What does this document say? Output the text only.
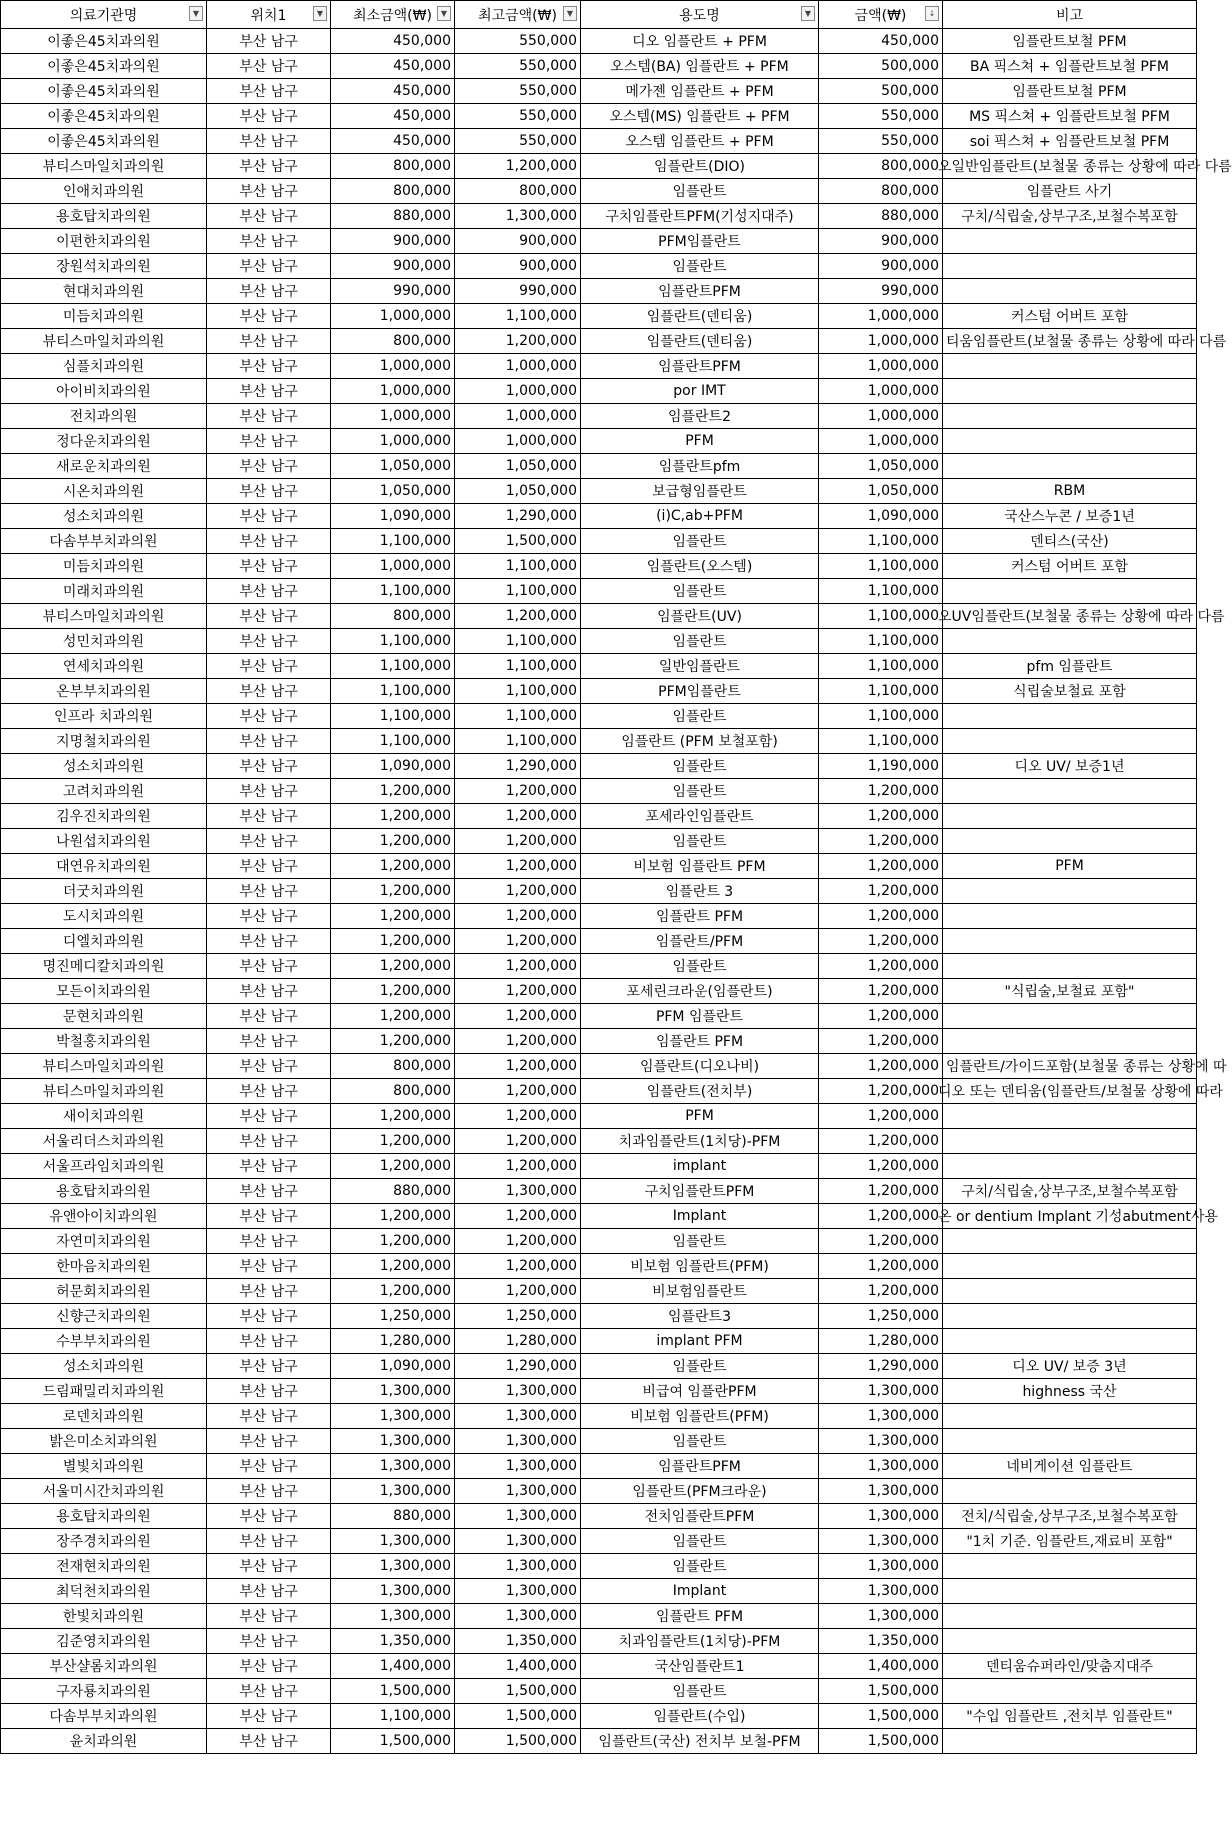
의료기관명 ▼	위치1 ▼	최소금액(₩) ▼	최고금액(₩) ▼	용도명 ▼	금액(₩) ↓	비고
이좋은45치과의원	부산 남구	450,000	550,000	디오 임플란트 + PFM	450,000	임플란트보철 PFM
이좋은45치과의원	부산 남구	450,000	550,000	오스템(BA) 임플란트 + PFM	500,000	BA 픽스쳐 + 임플란트보철 PFM
이좋은45치과의원	부산 남구	450,000	550,000	메가젠 임플란트 + PFM	500,000	임플란트보철 PFM
이좋은45치과의원	부산 남구	450,000	550,000	오스템(MS) 임플란트 + PFM	550,000	MS 픽스쳐 + 임플란트보철 PFM
이좋은45치과의원	부산 남구	450,000	550,000	오스템 임플란트 + PFM	550,000	soi 픽스쳐 + 임플란트보철 PFM
뷰티스마일치과의원	부산 남구	800,000	1,200,000	임플란트(DIO)	800,000	오일반임플란트(보철물 종류는 상황에 따라 다름
인애치과의원	부산 남구	800,000	800,000	임플란트	800,000	임플란트 사기
용호탑치과의원	부산 남구	880,000	1,300,000	구치임플란트PFM(기성지대주)	880,000	구치/식립술,상부구조,보철수복포함
이편한치과의원	부산 남구	900,000	900,000	PFM임플란트	900,000	
장원석치과의원	부산 남구	900,000	900,000	임플란트	900,000	
현대치과의원	부산 남구	990,000	990,000	임플란트PFM	990,000	
미듬치과의원	부산 남구	1,000,000	1,100,000	임플란트(덴티움)	1,000,000	커스텀 어버트 포함
뷰티스마일치과의원	부산 남구	800,000	1,200,000	임플란트(덴티움)	1,000,000	티움임플란트(보철물 종류는 상황에 따라 다름
심플치과의원	부산 남구	1,000,000	1,000,000	임플란트PFM	1,000,000	
아이비치과의원	부산 남구	1,000,000	1,000,000	por IMT	1,000,000	
전치과의원	부산 남구	1,000,000	1,000,000	임플란트2	1,000,000	
정다운치과의원	부산 남구	1,000,000	1,000,000	PFM	1,000,000	
새로운치과의원	부산 남구	1,050,000	1,050,000	임플란트pfm	1,050,000	
시온치과의원	부산 남구	1,050,000	1,050,000	보급형임플란트	1,050,000	RBM
성소치과의원	부산 남구	1,090,000	1,290,000	(i)C,ab+PFM	1,090,000	국산스누콘 / 보증1년
다솜부부치과의원	부산 남구	1,100,000	1,500,000	임플란트	1,100,000	덴티스(국산)
미듬치과의원	부산 남구	1,000,000	1,100,000	임플란트(오스템)	1,100,000	커스텀 어버트 포함
미래치과의원	부산 남구	1,100,000	1,100,000	임플란트	1,100,000	
뷰티스마일치과의원	부산 남구	800,000	1,200,000	임플란트(UV)	1,100,000	오UV임플란트(보철물 종류는 상황에 따라 다름
성민치과의원	부산 남구	1,100,000	1,100,000	임플란트	1,100,000	
연세치과의원	부산 남구	1,100,000	1,100,000	일반임플란트	1,100,000	pfm 임플란트
온부부치과의원	부산 남구	1,100,000	1,100,000	PFM임플란트	1,100,000	식립술보철료 포함
인프라 치과의원	부산 남구	1,100,000	1,100,000	임플란트	1,100,000	
지명철치과의원	부산 남구	1,100,000	1,100,000	임플란트 (PFM 보철포함)	1,100,000	
성소치과의원	부산 남구	1,090,000	1,290,000	임플란트	1,190,000	디오 UV/ 보증1년
고려치과의원	부산 남구	1,200,000	1,200,000	임플란트	1,200,000	
김우진치과의원	부산 남구	1,200,000	1,200,000	포세라인임플란트	1,200,000	
나원섭치과의원	부산 남구	1,200,000	1,200,000	임플란트	1,200,000	
대연유치과의원	부산 남구	1,200,000	1,200,000	비보험 임플란트 PFM	1,200,000	PFM
더굿치과의원	부산 남구	1,200,000	1,200,000	임플란트 3	1,200,000	
도시치과의원	부산 남구	1,200,000	1,200,000	임플란트 PFM	1,200,000	
디엘치과의원	부산 남구	1,200,000	1,200,000	임플란트/PFM	1,200,000	
명진메디칼치과의원	부산 남구	1,200,000	1,200,000	임플란트	1,200,000	
모든이치과의원	부산 남구	1,200,000	1,200,000	포세린크라운(임플란트)	1,200,000	"식립술,보철료 포함"
문현치과의원	부산 남구	1,200,000	1,200,000	PFM 임플란트	1,200,000	
박철홍치과의원	부산 남구	1,200,000	1,200,000	임플란트 PFM	1,200,000	
뷰티스마일치과의원	부산 남구	800,000	1,200,000	임플란트(디오나비)	1,200,000	임플란트/가이드포함(보철물 종류는 상황에 따
뷰티스마일치과의원	부산 남구	800,000	1,200,000	임플란트(전치부)	1,200,000	디오 또는 덴티움(임플란트/보철물 상황에 따라
새이치과의원	부산 남구	1,200,000	1,200,000	PFM	1,200,000	
서울리더스치과의원	부산 남구	1,200,000	1,200,000	치과임플란트(1치당)-PFM	1,200,000	
서울프라임치과의원	부산 남구	1,200,000	1,200,000	implant	1,200,000	
용호탑치과의원	부산 남구	880,000	1,300,000	구치임플란트PFM	1,200,000	구치/식립술,상부구조,보철수복포함
유앤아이치과의원	부산 남구	1,200,000	1,200,000	Implant	1,200,000	온 or dentium Implant 기성abutment사용
자연미치과의원	부산 남구	1,200,000	1,200,000	임플란트	1,200,000	
한마음치과의원	부산 남구	1,200,000	1,200,000	비보험 임플란트(PFM)	1,200,000	
허문회치과의원	부산 남구	1,200,000	1,200,000	비보험임플란트	1,200,000	
신향근치과의원	부산 남구	1,250,000	1,250,000	임플란트3	1,250,000	
수부부치과의원	부산 남구	1,280,000	1,280,000	implant PFM	1,280,000	
성소치과의원	부산 남구	1,090,000	1,290,000	임플란트	1,290,000	디오 UV/ 보증 3년
드림패밀리치과의원	부산 남구	1,300,000	1,300,000	비급여 임플란PFM	1,300,000	highness 국산
로덴치과의원	부산 남구	1,300,000	1,300,000	비보험 임플란트(PFM)	1,300,000	
밝은미소치과의원	부산 남구	1,300,000	1,300,000	임플란트	1,300,000	
별빛치과의원	부산 남구	1,300,000	1,300,000	임플란트PFM	1,300,000	네비게이션 임플란트
서울미시간치과의원	부산 남구	1,300,000	1,300,000	임플란트(PFM크라운)	1,300,000	
용호탑치과의원	부산 남구	880,000	1,300,000	전치임플란트PFM	1,300,000	전치/식립술,상부구조,보철수복포함
장주경치과의원	부산 남구	1,300,000	1,300,000	임플란트	1,300,000	"1치 기준. 임플란트,재료비 포함"
전재현치과의원	부산 남구	1,300,000	1,300,000	임플란트	1,300,000	
최덕천치과의원	부산 남구	1,300,000	1,300,000	Implant	1,300,000	
한빛치과의원	부산 남구	1,300,000	1,300,000	임플란트 PFM	1,300,000	
김준영치과의원	부산 남구	1,350,000	1,350,000	치과임플란트(1치당)-PFM	1,350,000	
부산샬롬치과의원	부산 남구	1,400,000	1,400,000	국산임플란트1	1,400,000	덴티움슈퍼라인/맞춤지대주
구자룡치과의원	부산 남구	1,500,000	1,500,000	임플란트	1,500,000	
다솜부부치과의원	부산 남구	1,100,000	1,500,000	임플란트(수입)	1,500,000	"수입 임플란트 ,전치부 임플란트"
윤치과의원	부산 남구	1,500,000	1,500,000	임플란트(국산) 전치부 보철-PFM	1,500,000	
